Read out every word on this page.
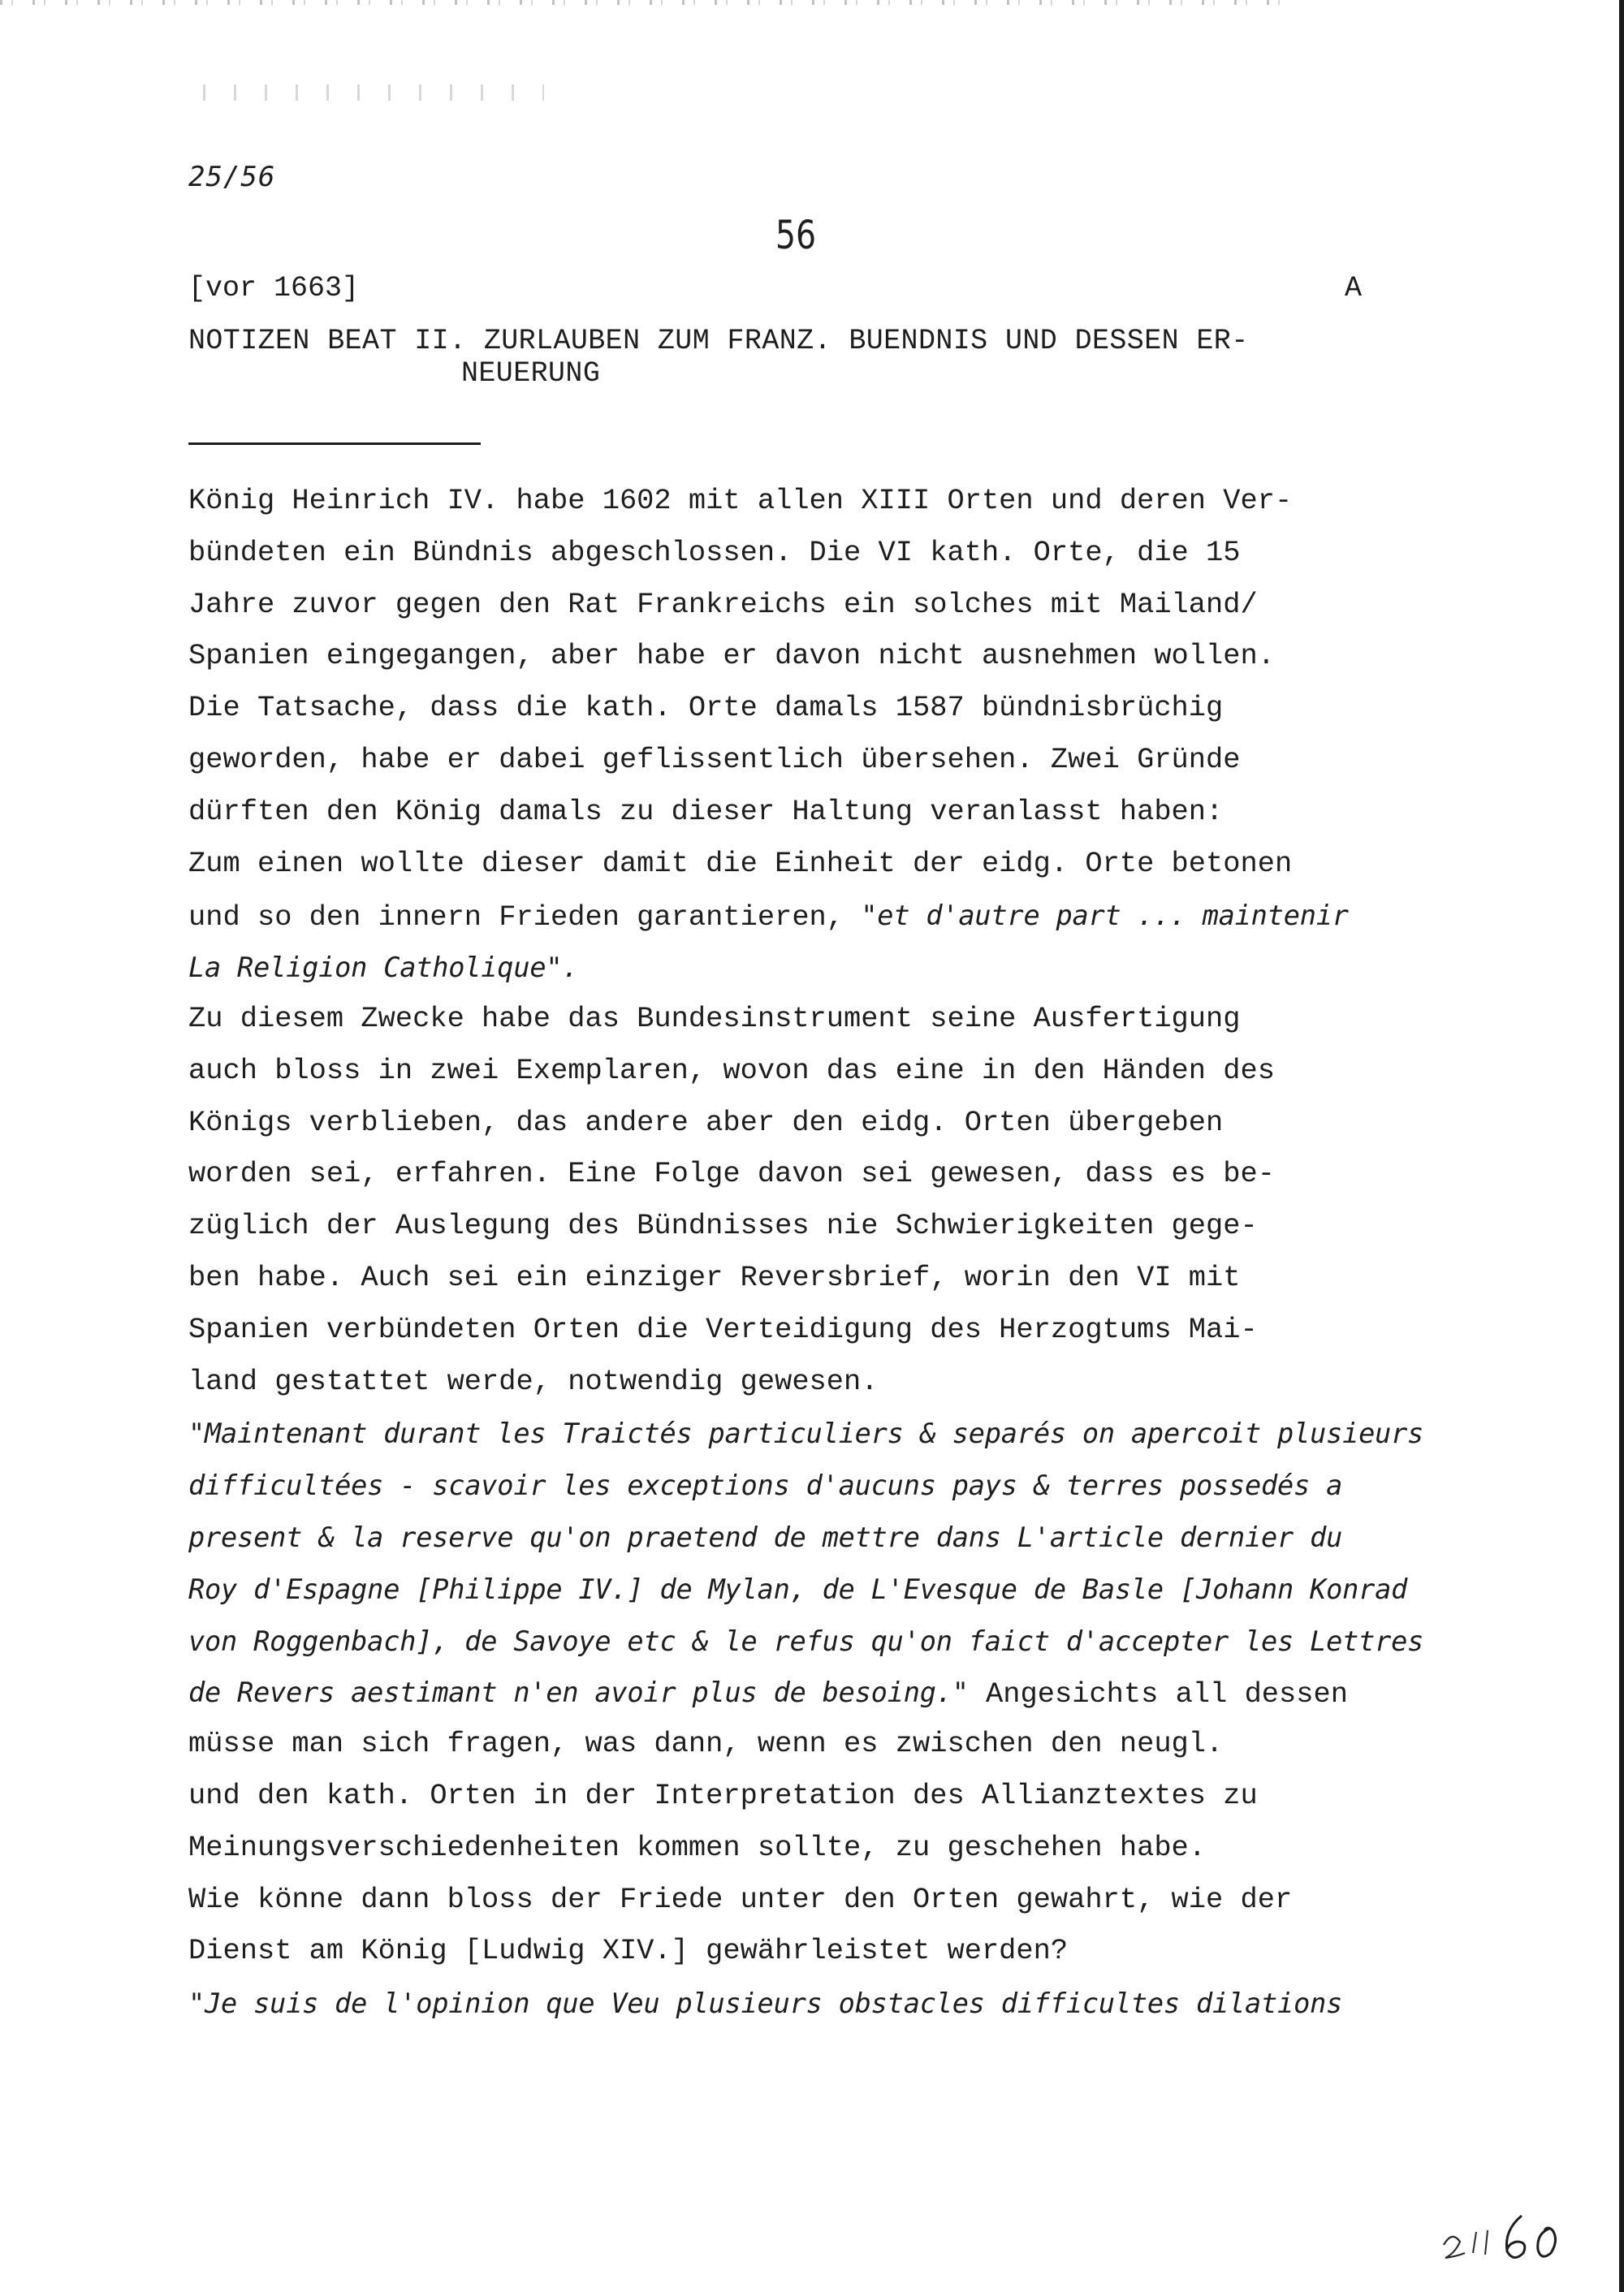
25/56
56
[vor 1663]	A
NOTIZEN BEAT II. ZURLAUBEN ZUM FRANZ. BUENDNIS UND DESSEN ER-
NEUERUNG
König Heinrich IV. habe 1602 mit allen XIII Orten und deren Ver-
bündeten ein Bündnis abgeschlossen. Die VI kath. Orte, die 15
Jahre zuvor gegen den Rat Frankreichs ein solches mit Mailand/
Spanien eingegangen, aber habe er davon nicht ausnehmen wollen.
Die Tatsache, dass die kath. Orte damals 1587 bündnisbrüchig
geworden, habe er dabei geflissentlich übersehen. Zwei Gründe
dürften den König damals zu dieser Haltung veranlasst haben:
Zum einen wollte dieser damit die Einheit der eidg. Orte betonen
und so den innern Frieden garantieren, "et d'autre part ... maintenir
La Religion Catholique".
Zu diesem Zwecke habe das Bundesinstrument seine Ausfertigung
auch bloss in zwei Exemplaren, wovon das eine in den Händen des
Königs verblieben, das andere aber den eidg. Orten übergeben
worden sei, erfahren. Eine Folge davon sei gewesen, dass es be-
züglich der Auslegung des Bündnisses nie Schwierigkeiten gege-
ben habe. Auch sei ein einziger Reversbrief, worin den VI mit
Spanien verbündeten Orten die Verteidigung des Herzogtums Mai-
land gestattet werde, notwendig gewesen.
"Maintenant durant les Traictés particuliers & separés on apercoit plusieurs
difficultées - scavoir les exceptions d'aucuns pays & terres possedés a
present & la reserve qu'on praetend de mettre dans L'article dernier du
Roy d'Espagne [Philippe IV.] de Mylan, de L'Evesque de Basle [Johann Konrad
von Roggenbach], de Savoye etc & le refus qu'on faict d'accepter les Lettres
de Revers aestimant n'en avoir plus de besoing." Angesichts all dessen
müsse man sich fragen, was dann, wenn es zwischen den neugl.
und den kath. Orten in der Interpretation des Allianztextes zu
Meinungsverschiedenheiten kommen sollte, zu geschehen habe.
Wie könne dann bloss der Friede unter den Orten gewahrt, wie der
Dienst am König [Ludwig XIV.] gewährleistet werden?
"Je suis de l'opinion que Veu plusieurs obstacles difficultes dilations
